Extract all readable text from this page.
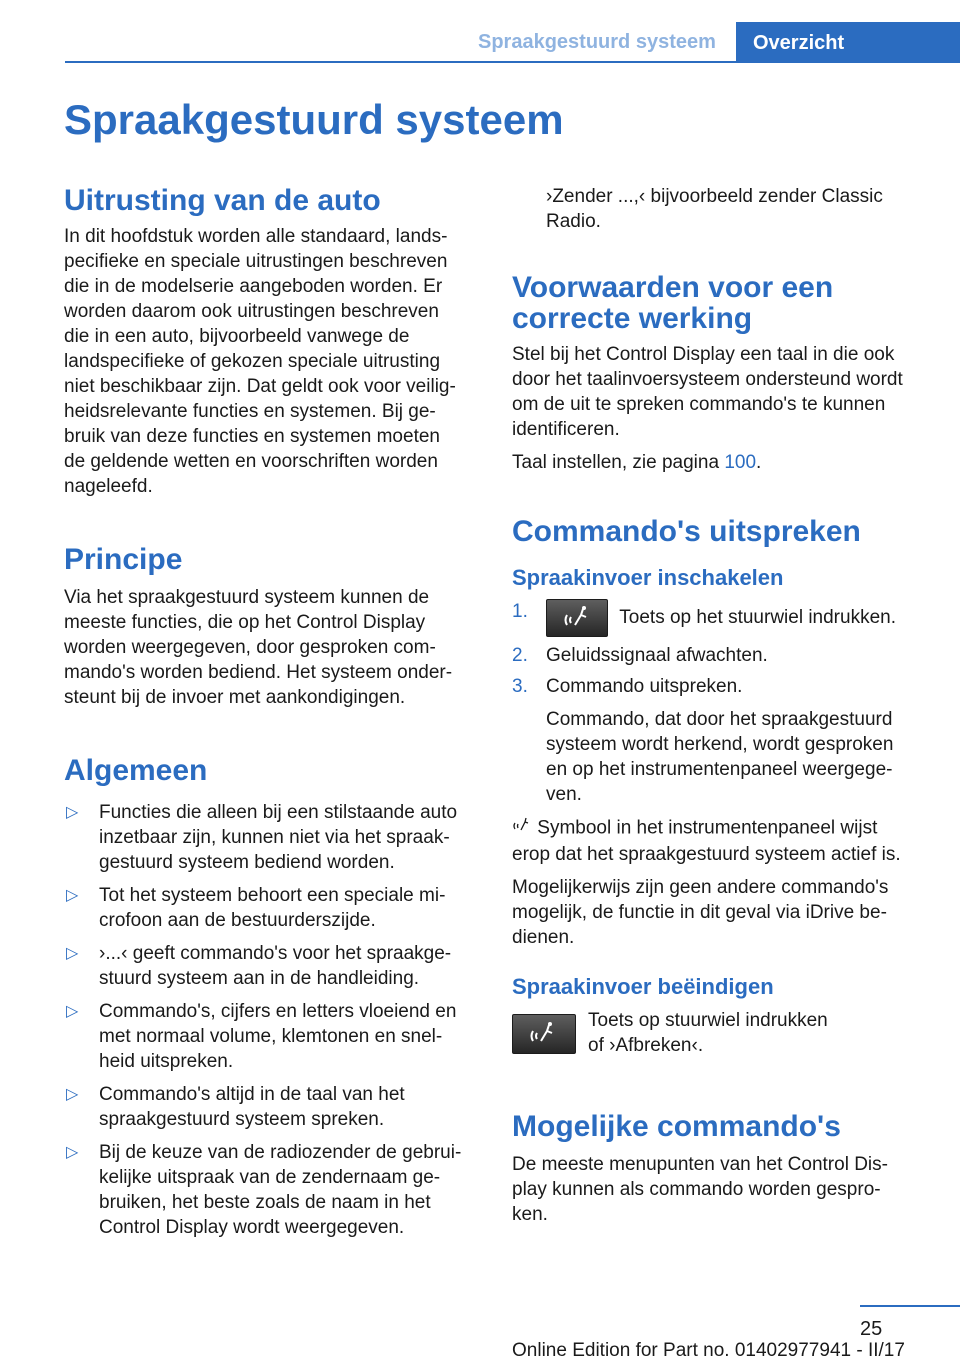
Spraakgestuurd systeem	Overzicht
Spraakgestuurd systeem
Uitrusting van de auto
In dit hoofdstuk worden alle standaard, lands-
pecifieke en speciale uitrustingen beschreven
die in de modelserie aangeboden worden. Er
worden daarom ook uitrustingen beschreven
die in een auto, bijvoorbeeld vanwege de
landspecifieke of gekozen speciale uitrusting
niet beschikbaar zijn. Dat geldt ook voor veilig-
heidsrelevante functies en systemen. Bij ge-
bruik van deze functies en systemen moeten
de geldende wetten en voorschriften worden
nageleefd.
Principe
Via het spraakgestuurd systeem kunnen de
meeste functies, die op het Control Display
worden weergegeven, door gesproken com-
mando's worden bediend. Het systeem onder-
steunt bij de invoer met aankondigingen.
Algemeen
▷ Functies die alleen bij een stilstaande auto
inzetbaar zijn, kunnen niet via het spraak-
gestuurd systeem bediend worden.
▷ Tot het systeem behoort een speciale mi-
crofoon aan de bestuurderszijde.
▷ ›...‹ geeft commando's voor het spraakge-
stuurd systeem aan in de handleiding.
▷ Commando's, cijfers en letters vloeiend en
met normaal volume, klemtonen en snel-
heid uitspreken.
▷ Commando's altijd in de taal van het
spraakgestuurd systeem spreken.
▷ Bij de keuze van de radiozender de gebrui-
kelijke uitspraak van de zendernaam ge-
bruiken, het beste zoals de naam in het
Control Display wordt weergegeven.
›Zender ...,‹ bijvoorbeeld zender Classic
Radio.
Voorwaarden voor een
correcte werking
Stel bij het Control Display een taal in die ook
door het taalinvoersysteem ondersteund wordt
om de uit te spreken commando's te kunnen
identificeren.
Taal instellen, zie pagina 100.
Commando's uitspreken
Spraakinvoer inschakelen
1.	Toets op het stuurwiel indrukken.
2. Geluidssignaal afwachten.
3. Commando uitspreken.
Commando, dat door het spraakgestuurd
systeem wordt herkend, wordt gesproken
en op het instrumentenpaneel weergege-
ven.
Symbool in het instrumentenpaneel wijst
erop dat het spraakgestuurd systeem actief is.
Mogelijkerwijs zijn geen andere commando's
mogelijk, de functie in dit geval via iDrive be-
dienen.
Spraakinvoer beëindigen
Toets op stuurwiel indrukken
of ›Afbreken‹.
Mogelijke commando's
De meeste menupunten van het Control Dis-
play kunnen als commando worden gespro-
ken.
25
Online Edition for Part no. 01402977941 - II/17
